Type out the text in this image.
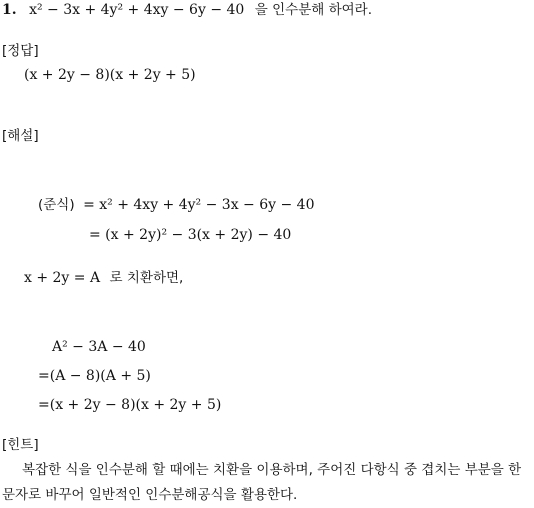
1. x² − 3x + 4y² + 4xy − 6y − 40 을 인수분해 하여라.
[정답]
(x + 2y − 8)(x + 2y + 5)
[해설]
(준식) = x² + 4xy + 4y² − 3x − 6y − 40
= (x + 2y)² − 3(x + 2y) − 40
x + 2y = A 로 치환하면,
A² − 3A − 40
=(A − 8)(A + 5)
=(x + 2y − 8)(x + 2y + 5)
[힌트]
복잡한 식을 인수분해 할 때에는 치환을 이용하며, 주어진 다항식 중 겹치는 부분을 한 문자로 바꾸어 일반적인 인수분해공식을 활용한다.
